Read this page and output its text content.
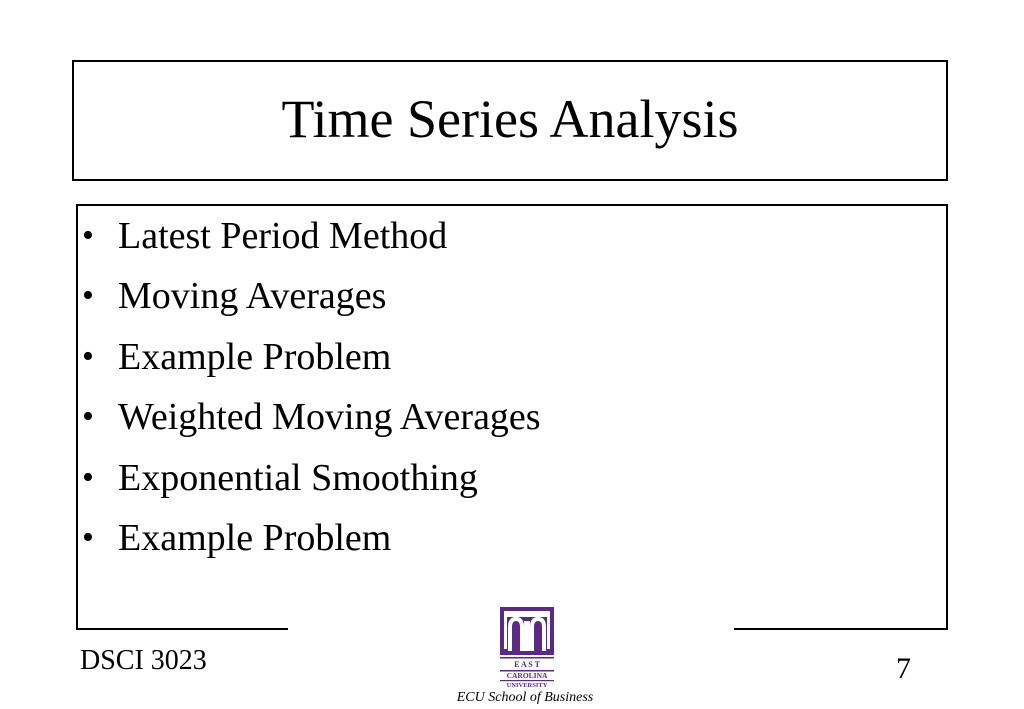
Time Series Analysis
• Latest Period Method
• Moving Averages
• Example Problem
• Weighted Moving Averages
• Exponential Smoothing
• Example Problem
DSCI 3023	E A S T
CAROLINA
UNIVERSITY
ECU School of Business
7
